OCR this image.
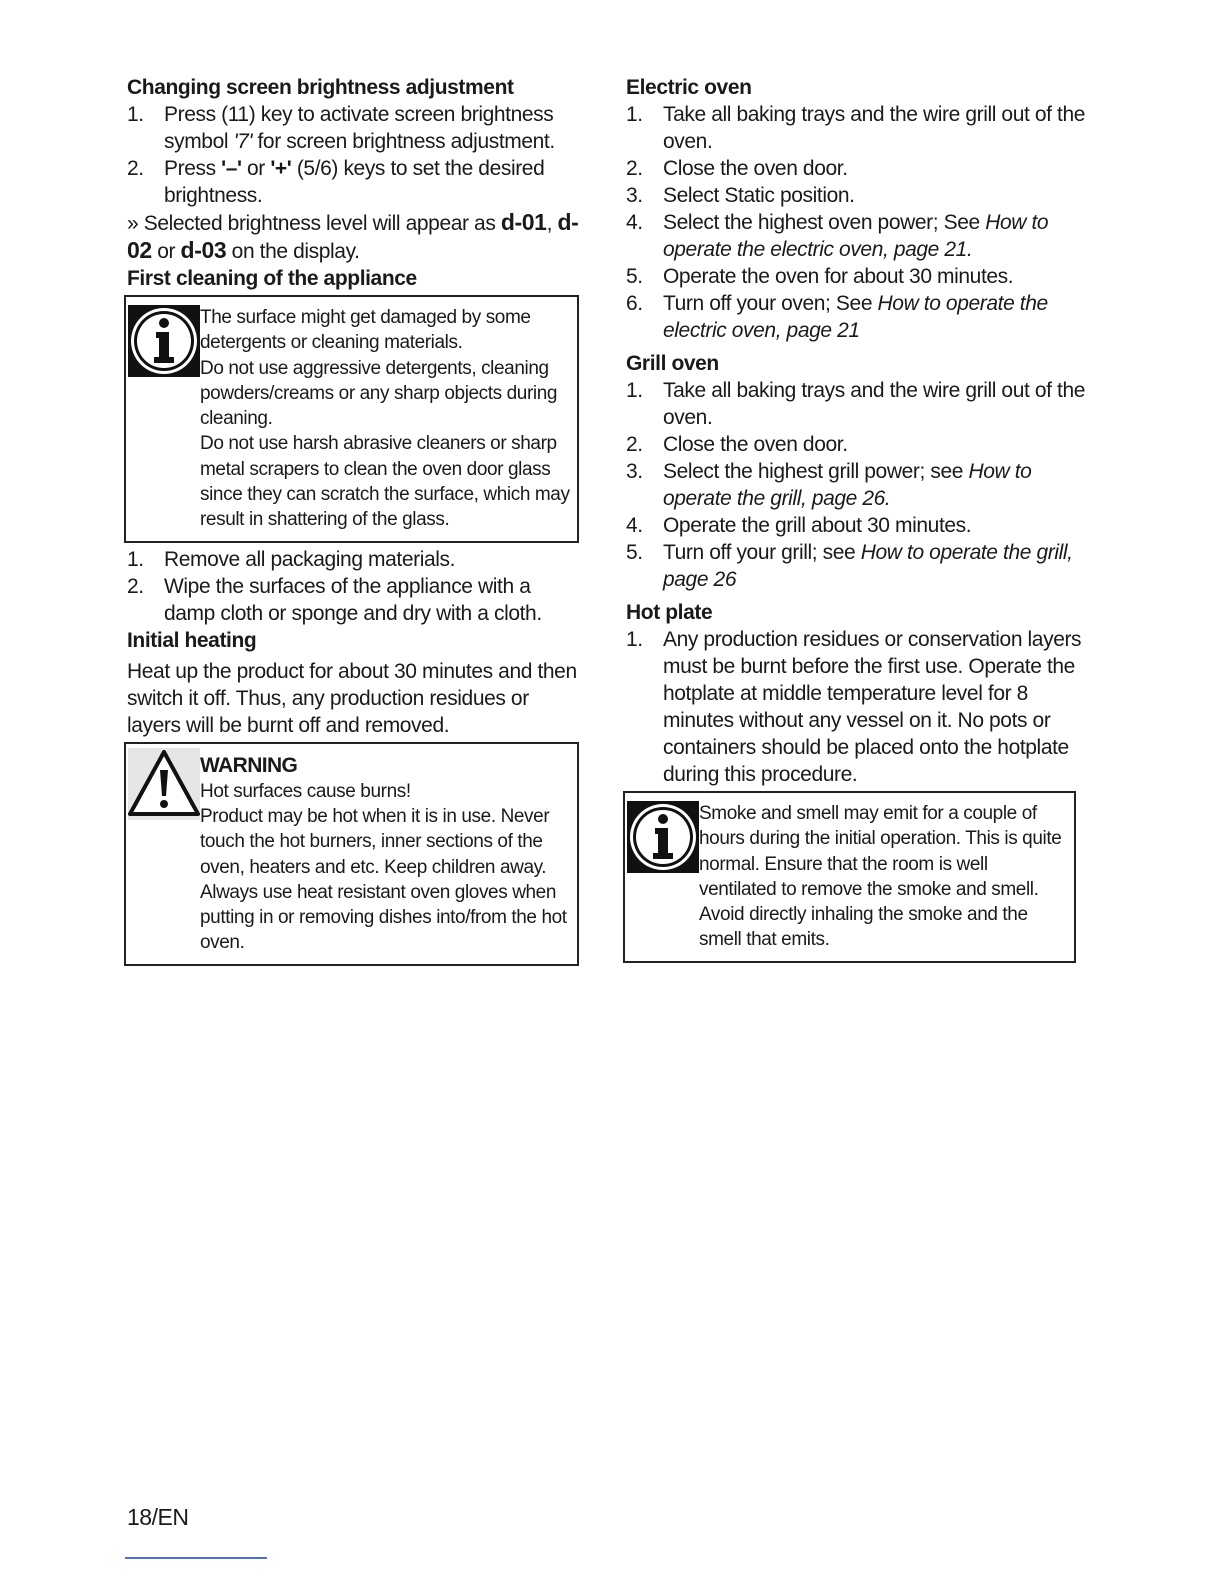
Changing screen brightness adjustment
1. Press (11) key to activate screen brightness symbol '7' for screen brightness adjustment.
2. Press '–' or '+' (5/6) keys to set the desired brightness.

» Selected brightness level will appear as d-01, d-02 or d-03 on the display.

First cleaning of the appliance
The surface might get damaged by some detergents or cleaning materials.
Do not use aggressive detergents, cleaning powders/creams or any sharp objects during cleaning.
Do not use harsh abrasive cleaners or sharp metal scrapers to clean the oven door glass since they can scratch the surface, which may result in shattering of the glass.
1. Remove all packaging materials.
2. Wipe the surfaces of the appliance with a damp cloth or sponge and dry with a cloth.
Initial heating

Heat up the product for about 30 minutes and then switch it off. Thus, any production residues or layers will be burnt off and removed.

WARNING
Hot surfaces cause burns!
Product may be hot when it is in use. Never touch the hot burners, inner sections of the oven, heaters and etc. Keep children away. Always use heat resistant oven gloves when putting in or removing dishes into/from the hot oven.
Electric oven
1. Take all baking trays and the wire grill out of the oven.
2. Close the oven door.
3. Select Static position.
4. Select the highest oven power; See How to operate the electric oven, page 21.
5. Operate the oven for about 30 minutes.
6. Turn off your oven; See How to operate the electric oven, page 21
Grill oven
1. Take all baking trays and the wire grill out of the oven.
2. Close the oven door.
3. Select the highest grill power; see How to operate the grill, page 26.
4. Operate the grill about 30 minutes.
5. Turn off your grill; see How to operate the grill, page 26
Hot plate
1. Any production residues or conservation layers must be burnt before the first use. Operate the hotplate at middle temperature level for 8 minutes without any vessel on it. No pots or containers should be placed onto the hotplate during this procedure.
Smoke and smell may emit for a couple of hours during the initial operation. This is quite normal. Ensure that the room is well ventilated to remove the smoke and smell. Avoid directly inhaling the smoke and the smell that emits.
18/EN
